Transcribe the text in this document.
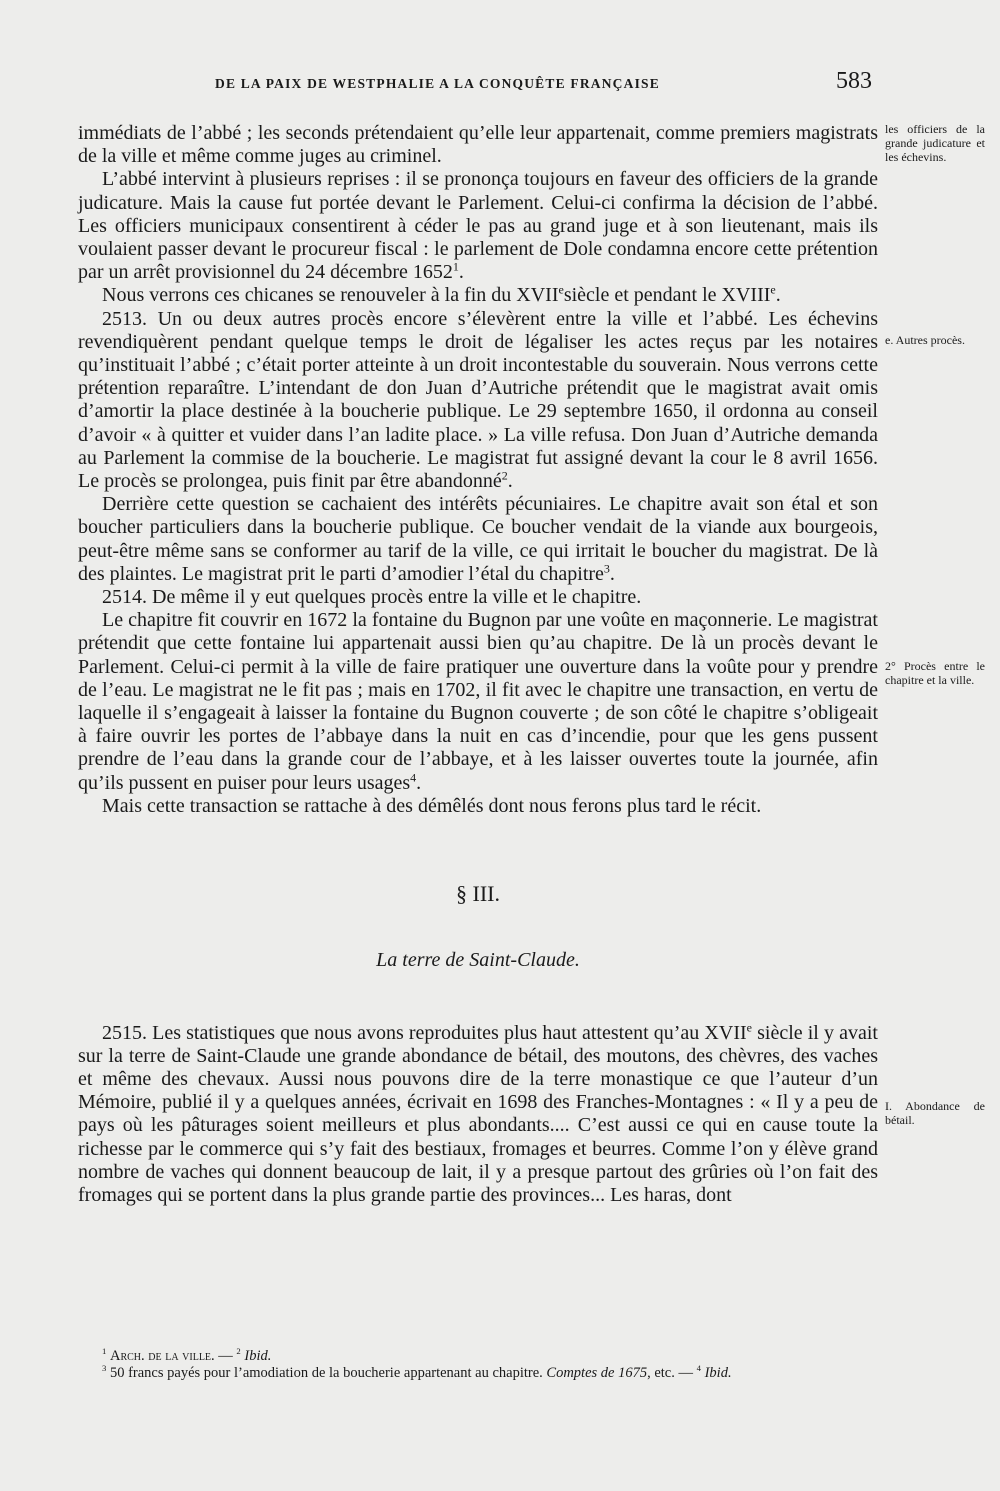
DE LA PAIX DE WESTPHALIE A LA CONQUÊTE FRANÇAISE	583

immédiats de l’abbé ; les seconds prétendaient qu’elle leur appartenait, comme premiers magistrats de la ville et même comme juges au criminel.

L’abbé intervint à plusieurs reprises : il se prononça toujours en faveur des officiers de la grande judicature. Mais la cause fut portée devant le Parlement. Celui-ci confirma la décision de l’abbé. Les officiers municipaux consentirent à céder le pas au grand juge et à son lieutenant, mais ils voulaient passer devant le procureur fiscal : le parlement de Dole condamna encore cette prétention par un arrêt provisionnel du 24 décembre 1652$^1$.

Nous verrons ces chicanes se renouveler à la fin du XVIIesiècle et pendant le XVIIIe.

2513. Un ou deux autres procès encore s’élevèrent entre la ville et l’abbé. Les échevins revendiquèrent pendant quelque temps le droit de légaliser les actes reçus par les notaires qu’instituait l’abbé ; c’était porter atteinte à un droit incontestable du souverain. Nous verrons cette prétention reparaître. L’intendant de don Juan d’Autriche prétendit que le magistrat avait omis d’amortir la place destinée à la boucherie publique. Le 29 septembre 1650, il ordonna au conseil d’avoir « à quitter et vuider dans l’an ladite place. » La ville refusa. Don Juan d’Autriche demanda au Parlement la commise de la boucherie. Le magistrat fut assigné devant la cour le 8 avril 1656. Le procès se prolongea, puis finit par être abandonné$^2$.

Derrière cette question se cachaient des intérêts pécuniaires. Le chapitre avait son étal et son boucher particuliers dans la boucherie publique. Ce boucher vendait de la viande aux bourgeois, peut-être même sans se conformer au tarif de la ville, ce qui irritait le boucher du magistrat. De là des plaintes. Le magistrat prit le parti d’amodier l’étal du chapitre$^3$.

2514. De même il y eut quelques procès entre la ville et le chapitre.

Le chapitre fit couvrir en 1672 la fontaine du Bugnon par une voûte en maçonnerie. Le magistrat prétendit que cette fontaine lui appartenait aussi bien qu’au chapitre. De là un procès devant le Parlement. Celui-ci permit à la ville de faire pratiquer une ouverture dans la voûte pour y prendre de l’eau. Le magistrat ne le fit pas ; mais en 1702, il fit avec le chapitre une transaction, en vertu de laquelle il s’engageait à laisser la fontaine du Bugnon couverte ; de son côté le chapitre s’obligeait à faire ouvrir les portes de l’abbaye dans la nuit en cas d’incendie, pour que les gens pussent prendre de l’eau dans la grande cour de l’abbaye, et à les laisser ouvertes toute la journée, afin qu’ils pussent en puiser pour leurs usages$^4$.

Mais cette transaction se rattache à des démêlés dont nous ferons plus tard le récit.

§ III.
La terre de Saint-Claude.

2515. Les statistiques que nous avons reproduites plus haut attestent qu’au XVIIe siècle il y avait sur la terre de Saint-Claude une grande abondance de bétail, des moutons, des chèvres, des vaches et même des chevaux. Aussi nous pouvons dire de la terre monastique ce que l’auteur d’un Mémoire, publié il y a quelques années, écrivait en 1698 des Franches-Montagnes : « Il y a peu de pays où les pâturages soient meilleurs et plus abondants.... C’est aussi ce qui en cause toute la richesse par le commerce qui s’y fait des bestiaux, fromages et beurres. Comme l’on y élève grand nombre de vaches qui donnent beaucoup de lait, il y a presque partout des grûries où l’on fait des fromages qui se portent dans la plus grande partie des provinces... Les haras, dont

les officiers de la grande judicature et les échevins.
e. Autres procès.
2° Procès entre le chapitre et la ville.
I. Abondance de bétail.

$^1$ Arch. de la ville. — $^2$ Ibid.

$^3$ 50 francs payés pour l’amodiation de la boucherie appartenant au chapitre. Comptes de 1675, etc. — $^4$ Ibid.
